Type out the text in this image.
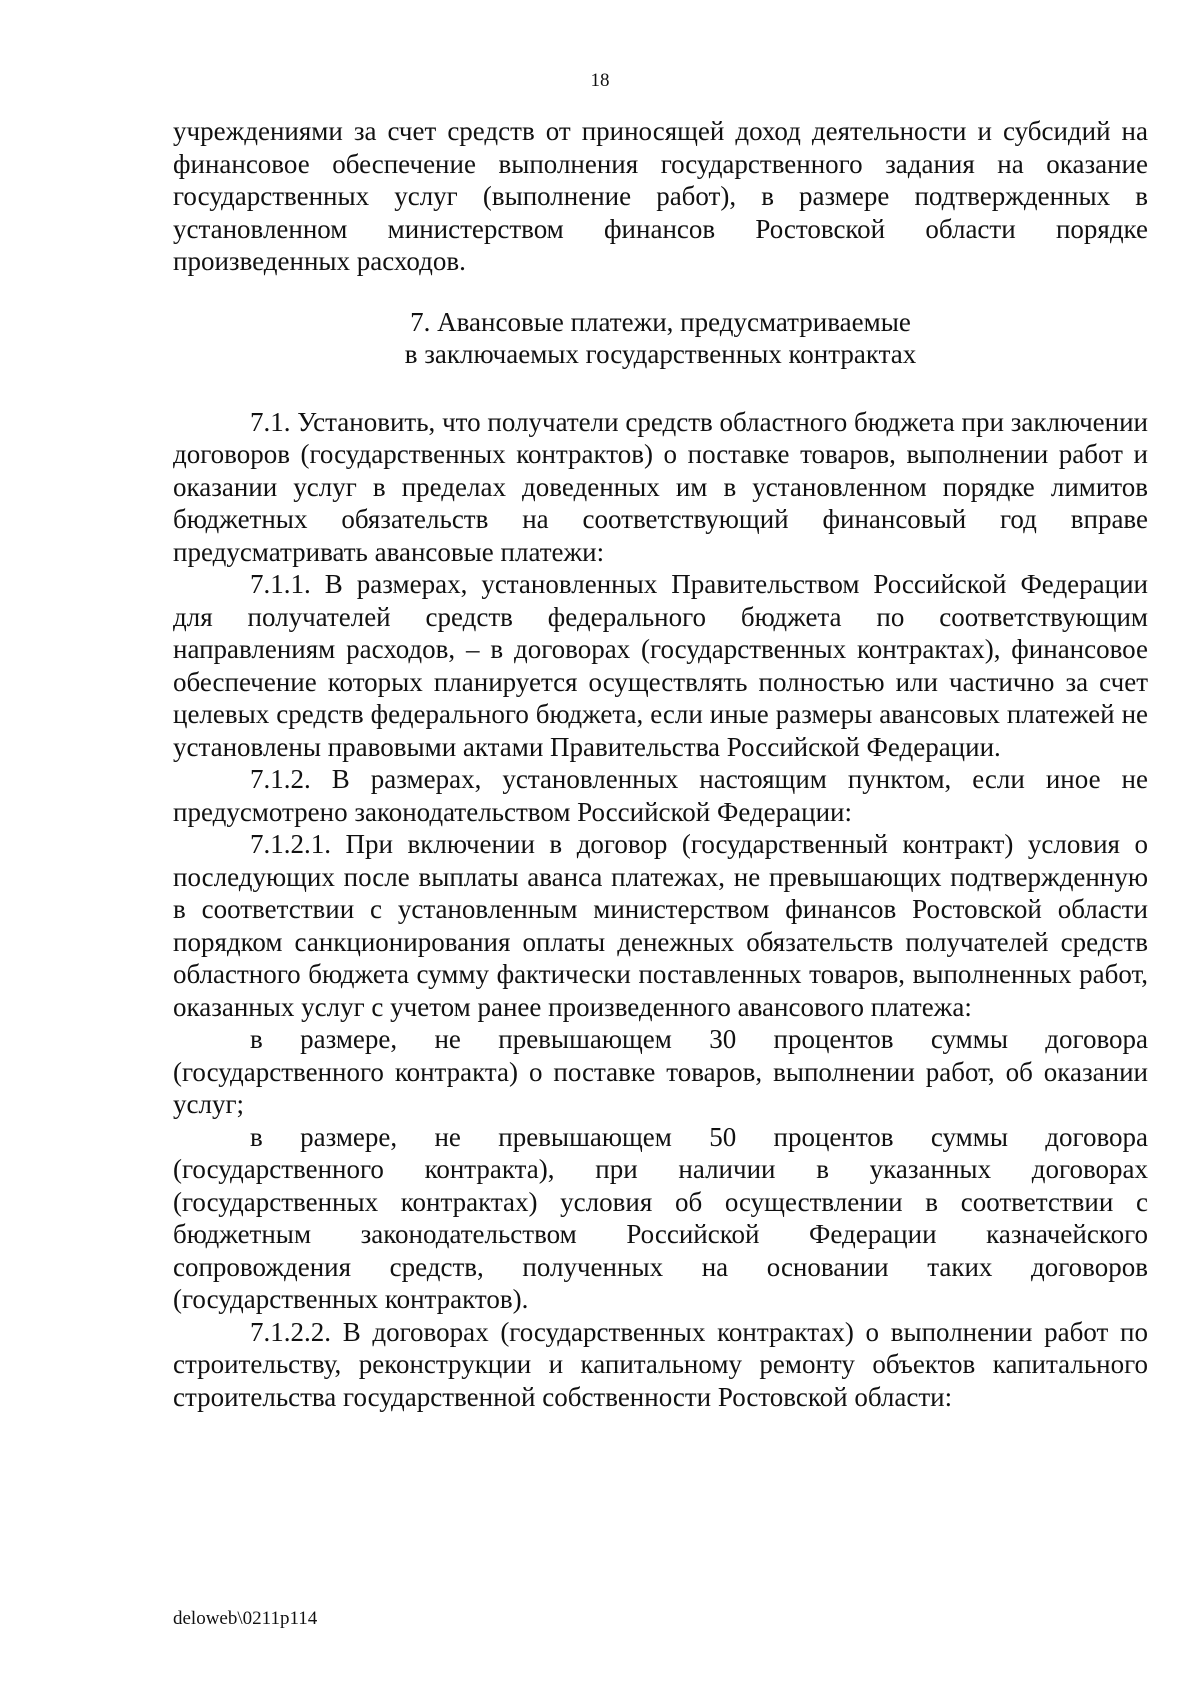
18

учреждениями за счет средств от приносящей доход деятельности и субсидий на финансовое обеспечение выполнения государственного задания на оказание государственных услуг (выполнение работ), в размере подтвержденных в установленном министерством финансов Ростовской области порядке произведенных расходов.

7. Авансовые платежи, предусматриваемые
в заключаемых государственных контрактах

7.1. Установить, что получатели средств областного бюджета при заключении договоров (государственных контрактов) о поставке товаров, выполнении работ и оказании услуг в пределах доведенных им в установленном порядке лимитов бюджетных обязательств на соответствующий финансовый год вправе предусматривать авансовые платежи:

7.1.1. В размерах, установленных Правительством Российской Федерации для получателей средств федерального бюджета по соответствующим направлениям расходов, – в договорах (государственных контрактах), финансовое обеспечение которых планируется осуществлять полностью или частично за счет целевых средств федерального бюджета, если иные размеры авансовых платежей не установлены правовыми актами Правительства Российской Федерации.

7.1.2. В размерах, установленных настоящим пунктом, если иное не предусмотрено законодательством Российской Федерации:

7.1.2.1. При включении в договор (государственный контракт) условия о последующих после выплаты аванса платежах, не превышающих подтвержденную в соответствии с установленным министерством финансов Ростовской области порядком санкционирования оплаты денежных обязательств получателей средств областного бюджета сумму фактически поставленных товаров, выполненных работ, оказанных услуг с учетом ранее произведенного авансового платежа:

в размере, не превышающем 30 процентов суммы договора (государственного контракта) о поставке товаров, выполнении работ, об оказании услуг;

в размере, не превышающем 50 процентов суммы договора (государственного контракта), при наличии в указанных договорах (государственных контрактах) условия об осуществлении в соответствии с бюджетным законодательством Российской Федерации казначейского сопровождения средств, полученных на основании таких договоров (государственных контрактов).

7.1.2.2. В договорах (государственных контрактах) о выполнении работ по строительству, реконструкции и капитальному ремонту объектов капитального строительства государственной собственности Ростовской области:

deloweb\0211p114
